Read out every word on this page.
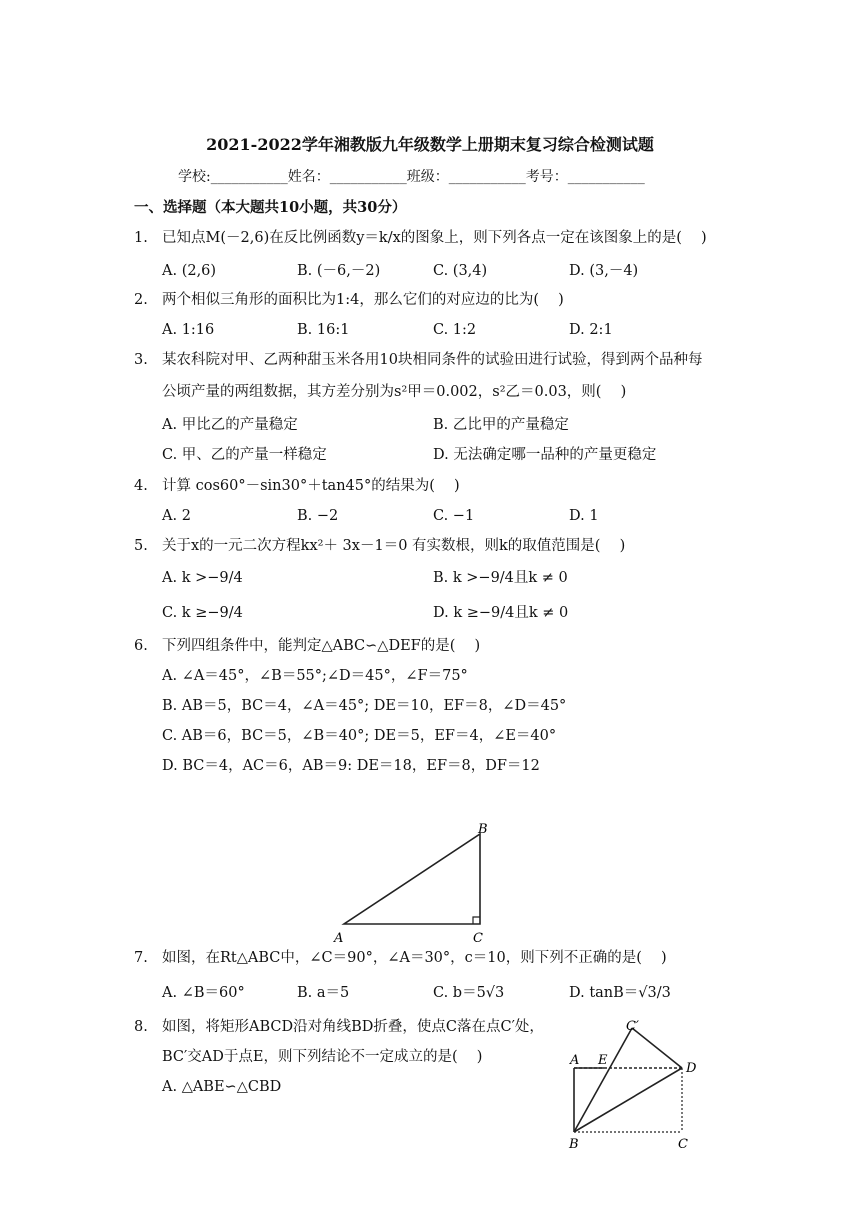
2021-2022学年湘教版九年级数学上册期末复习综合检测试题
学校:___________姓名：___________班级：___________考号：___________
一、选择题（本大题共10小题，共30分）
1. 已知点M(－2,6)在反比例函数y＝k/x的图象上，则下列各点一定在该图象上的是(　 )
A. (2,6)	B. (－6,－2)	C. (3,4)	D. (3,－4)
2. 两个相似三角形的面积比为1:4，那么它们的对应边的比为(　 )
A. 1:16	B. 16:1	C. 1:2	D. 2:1
3. 某农科院对甲、乙两种甜玉米各用10块相同条件的试验田进行试验，得到两个品种每
公顷产量的两组数据，其方差分别为s²甲＝0.002，s²乙＝0.03，则(　 )
A. 甲比乙的产量稳定	B. 乙比甲的产量稳定
C. 甲、乙的产量一样稳定	D. 无法确定哪一品种的产量更稳定
4. 计算 cos60°－sin30°＋tan45°的结果为(　 )
A. 2	B. −2	C. −1	D. 1
5. 关于x的一元二次方程kx²＋ 3x－1＝0 有实数根，则k的取值范围是(　 )
A. k >−9/4	B. k >−9/4且k ≠ 0
C. k ≥−9/4	D. k ≥−9/4且k ≠ 0
6. 下列四组条件中，能判定△ABC∽△DEF的是(　 )
A. ∠A＝45°，∠B＝55°;∠D＝45°，∠F＝75°
B. AB＝5，BC＝4，∠A＝45°; DE＝10，EF＝8，∠D＝45°
C. AB＝6，BC＝5，∠B＝40°; DE＝5，EF＝4，∠E＝40°
D. BC＝4，AC＝6，AB＝9: DE＝18，EF＝8，DF＝12
A
B
C
7. 如图，在Rt△ABC中，∠C＝90°，∠A＝30°，c＝10，则下列不正确的是(　 )
A. ∠B＝60°	B. a＝5	C. b＝5√3	D. tanB＝√3/3
8. 如图，将矩形ABCD沿对角线BD折叠，使点C落在点C′处，
BC′交AD于点E，则下列结论不一定成立的是(　 )
A. △ABE∽△CBD
A E
C′
D
B	C
